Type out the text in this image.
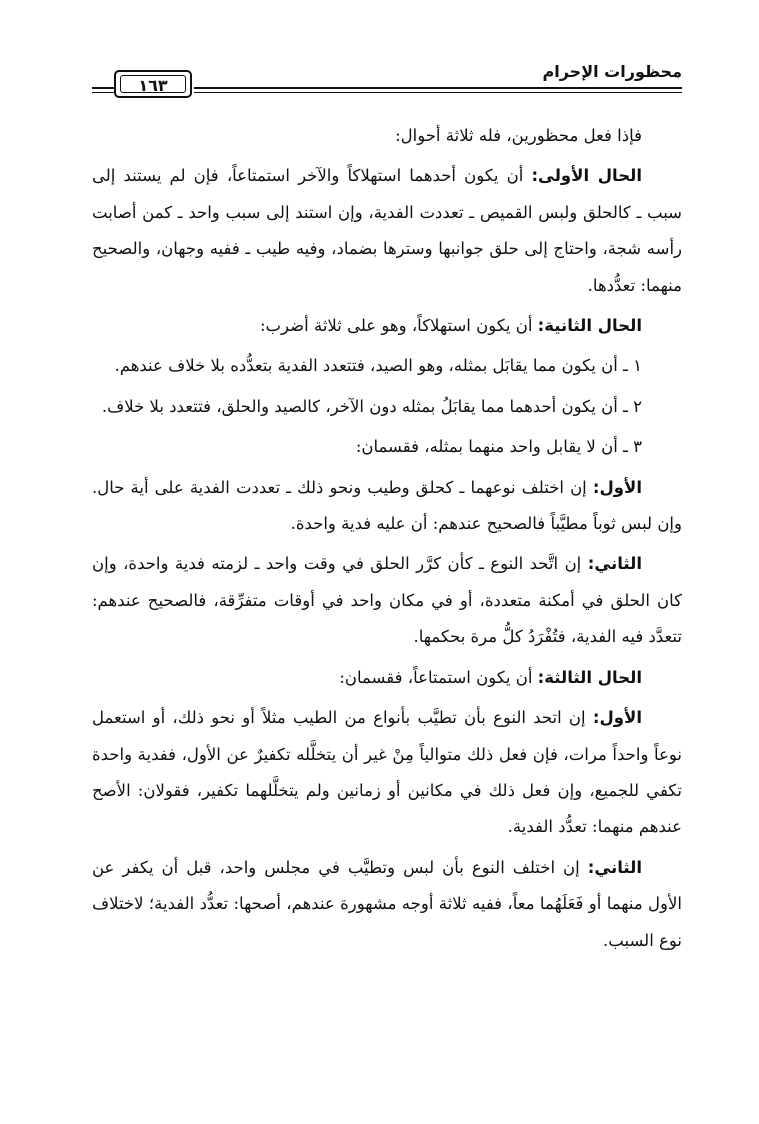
محظورات الإحرام
١٦٣

فإذا فعل محظورين، فله ثلاثة أحوال:

الحال الأولى: أن يكون أحدهما استهلاكاً والآخر استمتاعاً، فإن لم يستند إلى سبب ـ كالحلق ولبس القميص ـ تعددت الفدية، وإن استند إلى سبب واحد ـ كمن أصابت رأسه شجة، واحتاج إلى حلق جوانبها وسترها بضماد، وفيه طيب ـ ففيه وجهان، والصحيح منهما: تعدُّدها.

الحال الثانية: أن يكون استهلاكاً، وهو على ثلاثة أضرب:

١ ـ أن يكون مما يقابَل بمثله، وهو الصيد، فتتعدد الفدية بتعدُّده بلا خلاف عندهم.

٢ ـ أن يكون أحدهما مما يقابَلُ بمثله دون الآخر، كالصيد والحلق، فتتعدد بلا خلاف.

٣ ـ أن لا يقابل واحد منهما بمثله، فقسمان:

الأول: إن اختلف نوعهما ـ كحلق وطيب ونحو ذلك ـ تعددت الفدية على أية حال. وإن لبس ثوباً مطيَّباً فالصحيح عندهم: أن عليه فدية واحدة.

الثاني: إن اتَّحد النوع ـ كأن كرَّر الحلق في وقت واحد ـ لزمته فدية واحدة، وإن كان الحلق في أمكنة متعددة، أو في مكان واحد في أوقات متفرِّقة، فالصحيح عندهم: تتعدَّد فيه الفدية، فتُفْرَدُ كلُّ مرة بحكمها.

الحال الثالثة: أن يكون استمتاعاً، فقسمان:

الأول: إن اتحد النوع بأن تطيَّب بأنواع من الطيب مثلاً أو نحو ذلك، أو استعمل نوعاً واحداً مرات، فإن فعل ذلك متوالياً مِنْ غير أن يتخلَّله تكفيرٌ عن الأول، ففدية واحدة تكفي للجميع، وإن فعل ذلك في مكانين أو زمانين ولم يتخلَّلهما تكفير، فقولان: الأصح عندهم منهما: تعدُّد الفدية.

الثاني: إن اختلف النوع بأن لبس وتطيَّب في مجلس واحد، قبل أن يكفر عن الأول منهما أو فَعَلَهُما معاً، ففيه ثلاثة أوجه مشهورة عندهم، أصحها: تعدُّد الفدية؛ لاختلاف نوع السبب.
